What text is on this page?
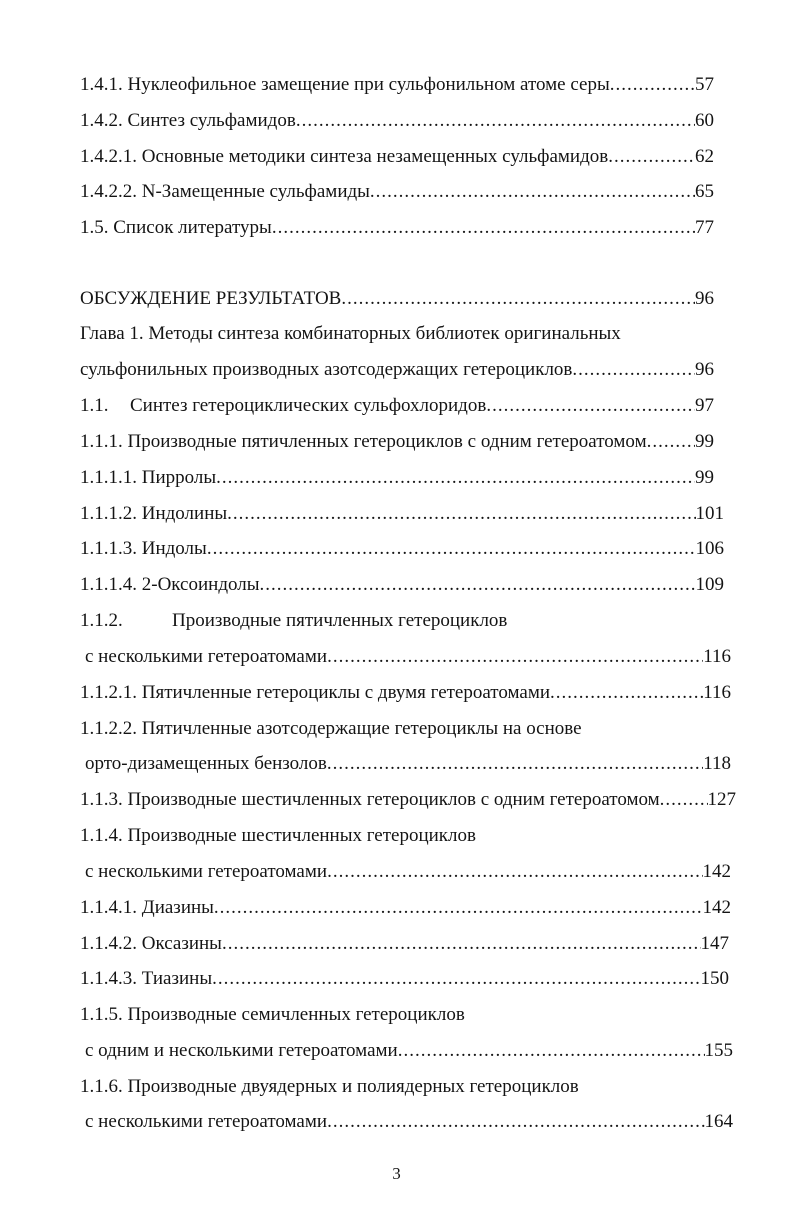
1.4.1. Нуклеофильное замещение при сульфонильном атоме серы .....	57
1.4.2. Синтез сульфамидов .....	60
1.4.2.1. Основные методики синтеза незамещенных сульфамидов .....	62
1.4.2.2. N-Замещенные сульфамиды .....	65
1.5. Список литературы .....	77
ОБСУЖДЕНИЕ РЕЗУЛЬТАТОВ .....	96
Глава 1. Методы синтеза комбинаторных библиотек оригинальных
сульфонильных производных азотсодержащих гетероциклов .....	96
1.1.	Синтез гетероциклических сульфохлоридов .....	97
1.1.1. Производные пятичленных гетероциклов с одним гетероатомом .....	99
1.1.1.1. Пирролы .....	99
1.1.1.2. Индолины .....	101
1.1.1.3. Индолы .....	106
1.1.1.4. 2-Оксоиндолы .....	109
1.1.2.	Производные пятичленных гетероциклов
с несколькими гетероатомами .....	116
1.1.2.1. Пятичленные гетероциклы с двумя гетероатомами .....	116
1.1.2.2. Пятичленные азотсодержащие гетероциклы на основе
орто-дизамещенных бензолов .....	118
1.1.3. Производные шестичленных гетероциклов с одним гетероатомом .....	127
1.1.4. Производные шестичленных гетероциклов
с несколькими гетероатомами .....	142
1.1.4.1. Диазины .....	142
1.1.4.2. Оксазины .....	147
1.1.4.3. Тиазины .....	150
1.1.5. Производные семичленных гетероциклов
с одним и несколькими гетероатомами .....	155
1.1.6. Производные двуядерных и полиядерных гетероциклов
с несколькими гетероатомами .....	164
3
